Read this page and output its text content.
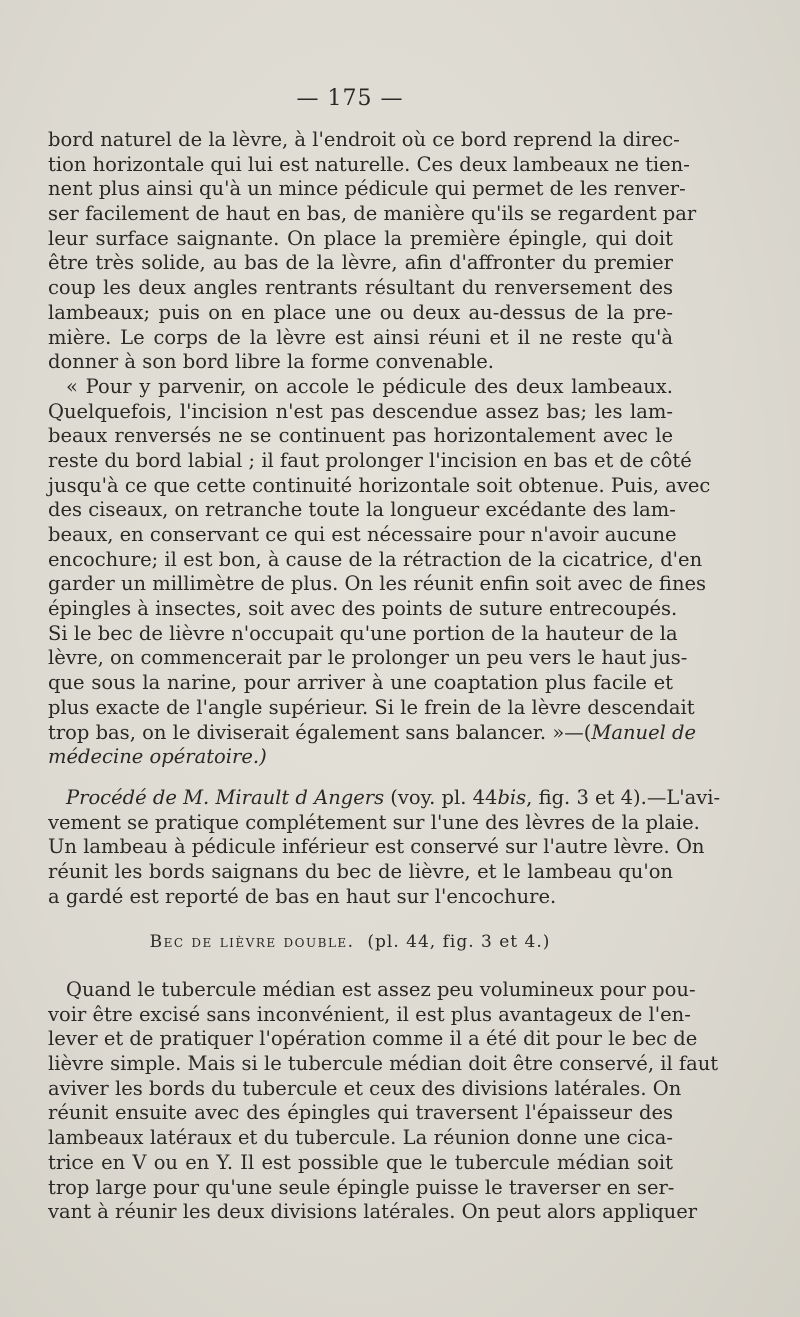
— 175 —
bord naturel de la lèvre, à l'endroit où ce bord reprend la direc-
tion horizontale qui lui est naturelle. Ces deux lambeaux ne tien-
nent plus ainsi qu'à un mince pédicule qui permet de les renver-
ser facilement de haut en bas, de manière qu'ils se regardent par
leur surface saignante. On place la première épingle, qui doit
être très solide, au bas de la lèvre, afin d'affronter du premier
coup les deux angles rentrants résultant du renversement des
lambeaux; puis on en place une ou deux au-dessus de la pre-
mière. Le corps de la lèvre est ainsi réuni et il ne reste qu'à
donner à son bord libre la forme convenable.
« Pour y parvenir, on accole le pédicule des deux lambeaux.
Quelquefois, l'incision n'est pas descendue assez bas; les lam-
beaux renversés ne se continuent pas horizontalement avec le
reste du bord labial ; il faut prolonger l'incision en bas et de côté
jusqu'à ce que cette continuité horizontale soit obtenue. Puis, avec
des ciseaux, on retranche toute la longueur excédante des lam-
beaux, en conservant ce qui est nécessaire pour n'avoir aucune
encochure; il est bon, à cause de la rétraction de la cicatrice, d'en
garder un millimètre de plus. On les réunit enfin soit avec de fines
épingles à insectes, soit avec des points de suture entrecoupés.
Si le bec de lièvre n'occupait qu'une portion de la hauteur de la
lèvre, on commencerait par le prolonger un peu vers le haut jus-
que sous la narine, pour arriver à une coaptation plus facile et
plus exacte de l'angle supérieur. Si le frein de la lèvre descendait
trop bas, on le diviserait également sans balancer. »—(Manuel de
médecine opératoire.)
Procédé de M. Mirault d Angers (voy. pl. 44bis, fig. 3 et 4).—L'avi-
vement se pratique complétement sur l'une des lèvres de la plaie.
Un lambeau à pédicule inférieur est conservé sur l'autre lèvre. On
réunit les bords saignans du bec de lièvre, et le lambeau qu'on
a gardé est reporté de bas en haut sur l'encochure.
Bec de lièvre double. (pl. 44, fig. 3 et 4.)
Quand le tubercule médian est assez peu volumineux pour pou-
voir être excisé sans inconvénient, il est plus avantageux de l'en-
lever et de pratiquer l'opération comme il a été dit pour le bec de
lièvre simple. Mais si le tubercule médian doit être conservé, il faut
aviver les bords du tubercule et ceux des divisions latérales. On
réunit ensuite avec des épingles qui traversent l'épaisseur des
lambeaux latéraux et du tubercule. La réunion donne une cica-
trice en V ou en Y. Il est possible que le tubercule médian soit
trop large pour qu'une seule épingle puisse le traverser en ser-
vant à réunir les deux divisions latérales. On peut alors appliquer
